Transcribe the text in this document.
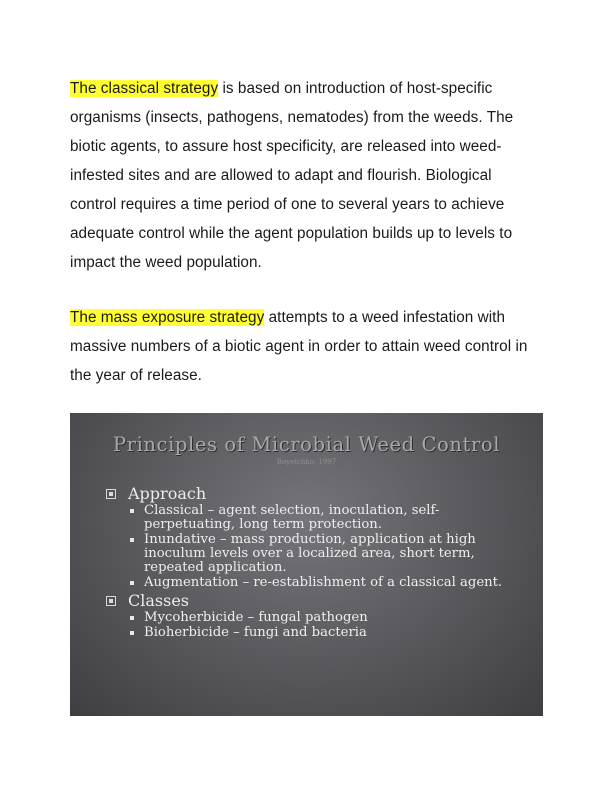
The classical strategy is based on introduction of host-specific organisms (insects, pathogens, nematodes) from the weeds. The biotic agents, to assure host specificity, are released into weed-infested sites and are allowed to adapt and flourish. Biological control requires a time period of one to several years to achieve adequate control while the agent population builds up to levels to impact the weed population.

The mass exposure strategy attempts to a weed infestation with massive numbers of a biotic agent in order to attain weed control in the year of release.

Principles of Microbial Weed Control
Boyetchko, 1997
Approach
Classical – agent selection, inoculation, self-perpetuating, long term protection.
Inundative – mass production, application at high inoculum levels over a localized area, short term, repeated application.
Augmentation – re-establishment of a classical agent.
Classes
Mycoherbicide – fungal pathogen
Bioherbicide – fungi and bacteria
